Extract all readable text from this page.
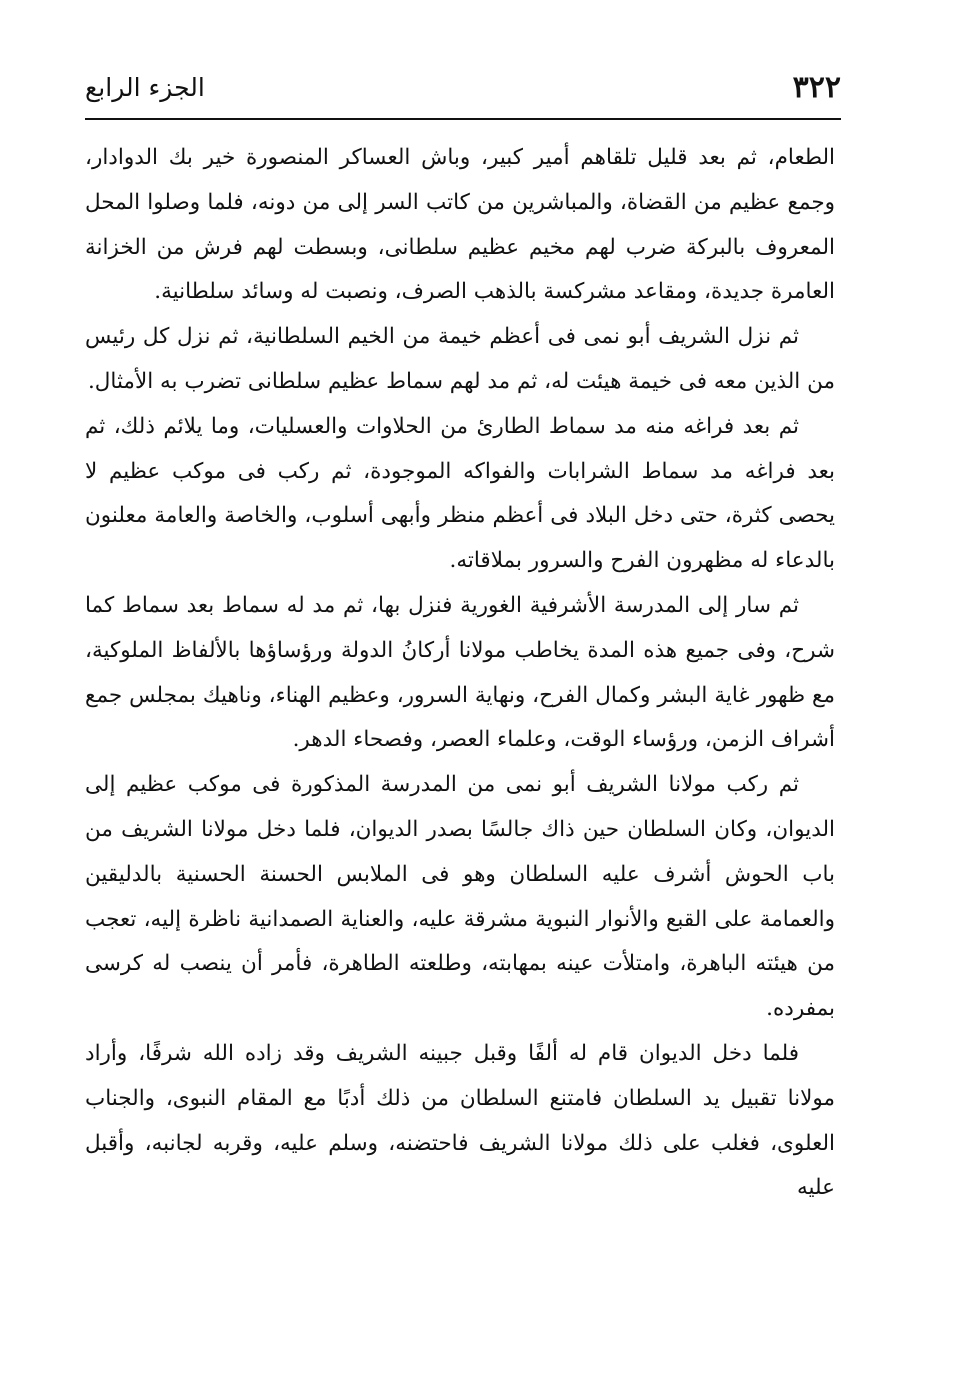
٣٢٢
الجزء الرابع

الطعام، ثم بعد قليل تلقاهم أمير كبير، وباش العساكر المنصورة خير بك الدوادار، وجمع عظيم من القضاة، والمباشرين من كاتب السر إلى من دونه، فلما وصلوا المحل المعروف بالبركة ضرب لهم مخيم عظيم سلطانى، وبسطت لهم فرش من الخزانة العامرة جديدة، ومقاعد مشركسة بالذهب الصرف، ونصبت له وسائد سلطانية.

ثم نزل الشريف أبو نمى فى أعظم خيمة من الخيم السلطانية، ثم نزل كل رئيس من الذين معه فى خيمة هيئت له، ثم مد لهم سماط عظيم سلطانى تضرب به الأمثال.

ثم بعد فراغه منه مد سماط الطارئ من الحلاوات والعسليات، وما يلائم ذلك، ثم بعد فراغه مد سماط الشرابات والفواكه الموجودة، ثم ركب فى موكب عظيم لا يحصى كثرة، حتى دخل البلاد فى أعظم منظر وأبهى أسلوب، والخاصة والعامة معلنون بالدعاء له مظهرون الفرح والسرور بملاقاته.

ثم سار إلى المدرسة الأشرفية الغورية فنزل بها، ثم مد له سماط بعد سماط كما شرح، وفى جميع هذه المدة يخاطب مولانا أركانُ الدولة ورؤساؤها بالألفاظ الملوكية، مع ظهور غاية البشر وكمال الفرح، ونهاية السرور، وعظيم الهناء، وناهيك بمجلس جمع أشراف الزمن، ورؤساء الوقت، وعلماء العصر، وفصحاء الدهر.

ثم ركب مولانا الشريف أبو نمى من المدرسة المذكورة فى موكب عظيم إلى الديوان، وكان السلطان حين ذاك جالسًا بصدر الديوان، فلما دخل مولانا الشريف من باب الحوش أشرف عليه السلطان وهو فى الملابس الحسنة الحسنية بالدليقين والعمامة على القبع والأنوار النبوية مشرقة عليه، والعناية الصمدانية ناظرة إليه، تعجب من هيئته الباهرة، وامتلأت عينه بمهابته، وطلعته الطاهرة، فأمر أن ينصب له كرسى بمفرده.

فلما دخل الديوان قام له ألفًا وقبل جبينه الشريف وقد زاده الله شرفًا، وأراد مولانا تقبيل يد السلطان فامتنع السلطان من ذلك أدبًا مع المقام النبوى، والجناب العلوى، فغلب على ذلك مولانا الشريف فاحتضنه، وسلم عليه، وقربه لجانبه، وأقبل عليه
